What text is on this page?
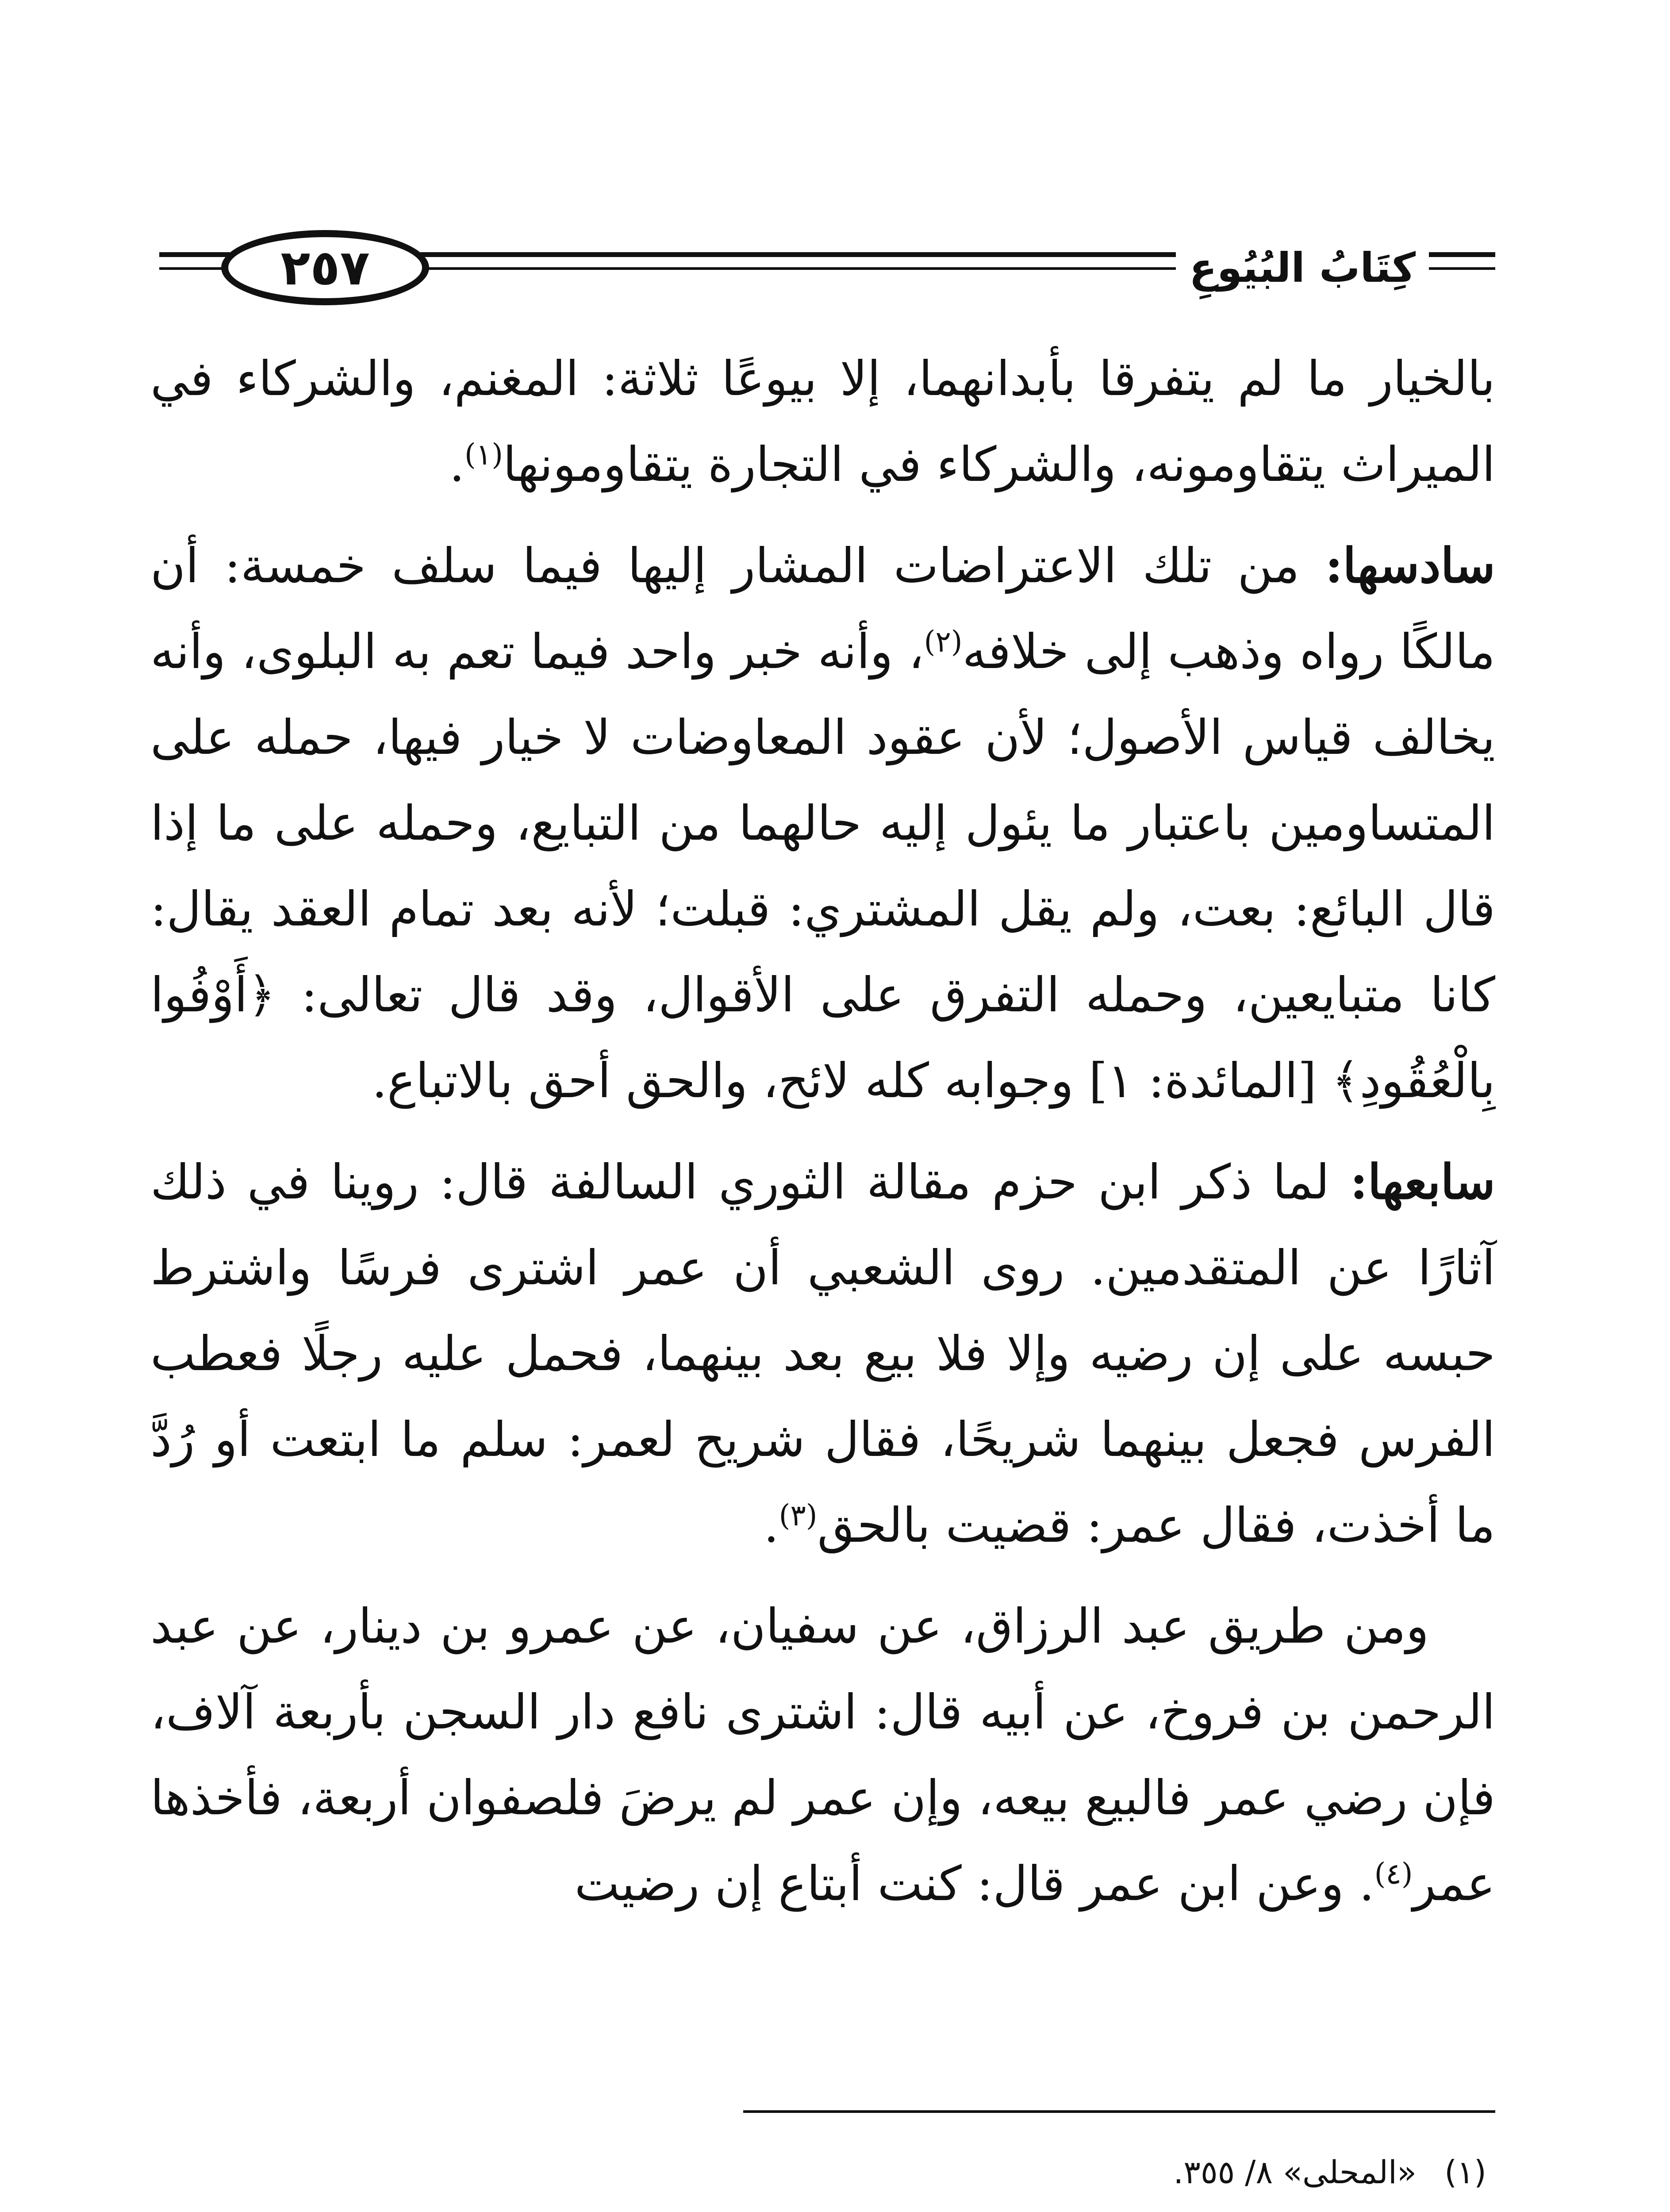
٢٥٧	كِتَابُ البُيُوعِ

بالخيار ما لم يتفرقا بأبدانهما، إلا بيوعًا ثلاثة: المغنم، والشركاء في الميراث يتقاومونه، والشركاء في التجارة يتقاومونها$^{(١)}$.

سادسها: من تلك الاعتراضات المشار إليها فيما سلف خمسة: أن مالكًا رواه وذهب إلى خلافه$^{(٢)}$، وأنه خبر واحد فيما تعم به البلوى، وأنه يخالف قياس الأصول؛ لأن عقود المعاوضات لا خيار فيها، حمله على المتساومين باعتبار ما يئول إليه حالهما من التبايع، وحمله على ما إذا قال البائع: بعت، ولم يقل المشتري: قبلت؛ لأنه بعد تمام العقد يقال: كانا متبايعين، وحمله التفرق على الأقوال، وقد قال تعالى: ﴿أَوْفُوا بِالْعُقُودِ﴾ [المائدة: ١] وجوابه كله لائح، والحق أحق بالاتباع.

سابعها: لما ذكر ابن حزم مقالة الثوري السالفة قال: روينا في ذلك آثارًا عن المتقدمين. روى الشعبي أن عمر اشترى فرسًا واشترط حبسه على إن رضيه وإلا فلا بيع بعد بينهما، فحمل عليه رجلًا فعطب الفرس فجعل بينهما شريحًا، فقال شريح لعمر: سلم ما ابتعت أو رُدَّ ما أخذت، فقال عمر: قضيت بالحق$^{(٣)}$.

ومن طريق عبد الرزاق، عن سفيان، عن عمرو بن دينار، عن عبد الرحمن بن فروخ، عن أبيه قال: اشترى نافع دار السجن بأربعة آلاف، فإن رضي عمر فالبيع بيعه، وإن عمر لم يرضَ فلصفوان أربعة، فأخذها عمر$^{(٤)}$. وعن ابن عمر قال: كنت أبتاع إن رضيت

(١)
«المحلى» ٨/ ٣٥٥.
